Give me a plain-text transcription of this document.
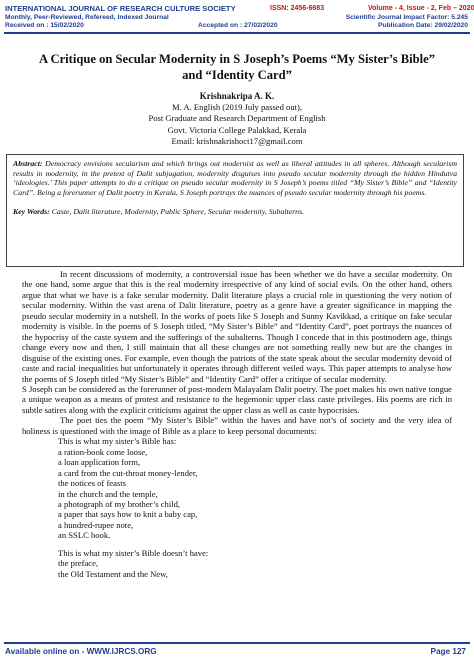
INTERNATIONAL JOURNAL OF RESEARCH CULTURE SOCIETY	ISSN: 2456-6683	Volume - 4, Issue - 2, Feb – 2020
Monthly, Peer-Reviewed, Refereed, Indexed Journal	Scientific Journal Impact Factor: 5.245
Received on : 15/02/2020	Accepted on : 27/02/2020	Publication Date: 29/02/2020
A Critique on Secular Modernity in S Joseph’s Poems “My Sister’s Bible”
and “Identity Card”
Krishnakripa A. K.
M. A. English (2019 July passed out),
Post Graduate and Research Department of English
Govt. Victoria College Palakkad, Kerala
Email: krishnakrishoct17@gmail.com

Abstract: Democracy envisions secularism and which brings out modernist as well as liberal attitudes in all spheres. Although secularism results in modernity, in the pretext of Dalit subjugation, modernity disguises into pseudo secular modernity through the hidden Hindutva ‘ideologies.’ This paper attempts to do a critique on pseudo secular modernity in S Joseph’s poems titled “My Sister’s Bible” and “Identity Card”. Being a forerunner of Dalit poetry in Kerala, S Joseph portrays the nuances of pseudo secular modernity through his poems.

Key Words: Caste, Dalit literature, Modernity, Public Sphere, Secular modernity, Subalterns.

In recent discussions of modernity, a controversial issue has been whether we do have a secular modernity. On the one hand, some argue that this is the real modernity irrespective of any kind of social evils. On the other hand, others argue that what we have is a fake secular modernity. Dalit literature plays a crucial role in questioning the very notion of secular modernity. Within the vast arena of Dalit literature, poetry as a genre have a greater significance in mapping the pseudo secular modernity in a nutshell. In the works of poets like S Joseph and Sunny Kavikkad, a critique on fake secular modernity is visible. In the poems of S Joseph titled, “My Sister’s Bible” and “Identity Card”, poet portrays the nuances of the hypocrisy of the caste system and the sufferings of the subalterns. Though I concede that in this postmodern age, things change every now and then, I still maintain that all these changes are not something really new but are the changes in disguise of the existing ones. For example, even though the patriots of the state speak about the secular modernity devoid of caste and racial inequalities but unfortunately it operates through different veiled ways. This paper attempts to analyse how the poems of S Joseph titled “My Sister’s Bible” and “Identity Card” offer a critique of secular modernity.

S Joseph can be considered as the forerunner of post-modern Malayalam Dalit poetry. The poet makes his own native tongue a unique weapon as a means of protest and resistance to the hegemonic upper class caste privileges. His poems are rich in subtle satires along with the explicit criticisms against the upper class as well as caste hypocrisies.

The poet ties the poem “My Sister’s Bible” within the haves and have not’s of society and the very idea of holiness is questioned with the image of Bible as a place to keep personal documents:

This is what my sister’s Bible has:
a ration-book come loose,
a loan application form,
a card from the cut-throat money-lender,
the notices of feasts
in the church and the temple,
a photograph of my brother’s child,
a paper that says how to knit a baby cap,
a hundred-rupee note,
an SSLC book.
This is what my sister’s Bible doesn’t have:
the preface,
the Old Testament and the New,
Available online on - WWW.IJRCS.ORG	Page 127
